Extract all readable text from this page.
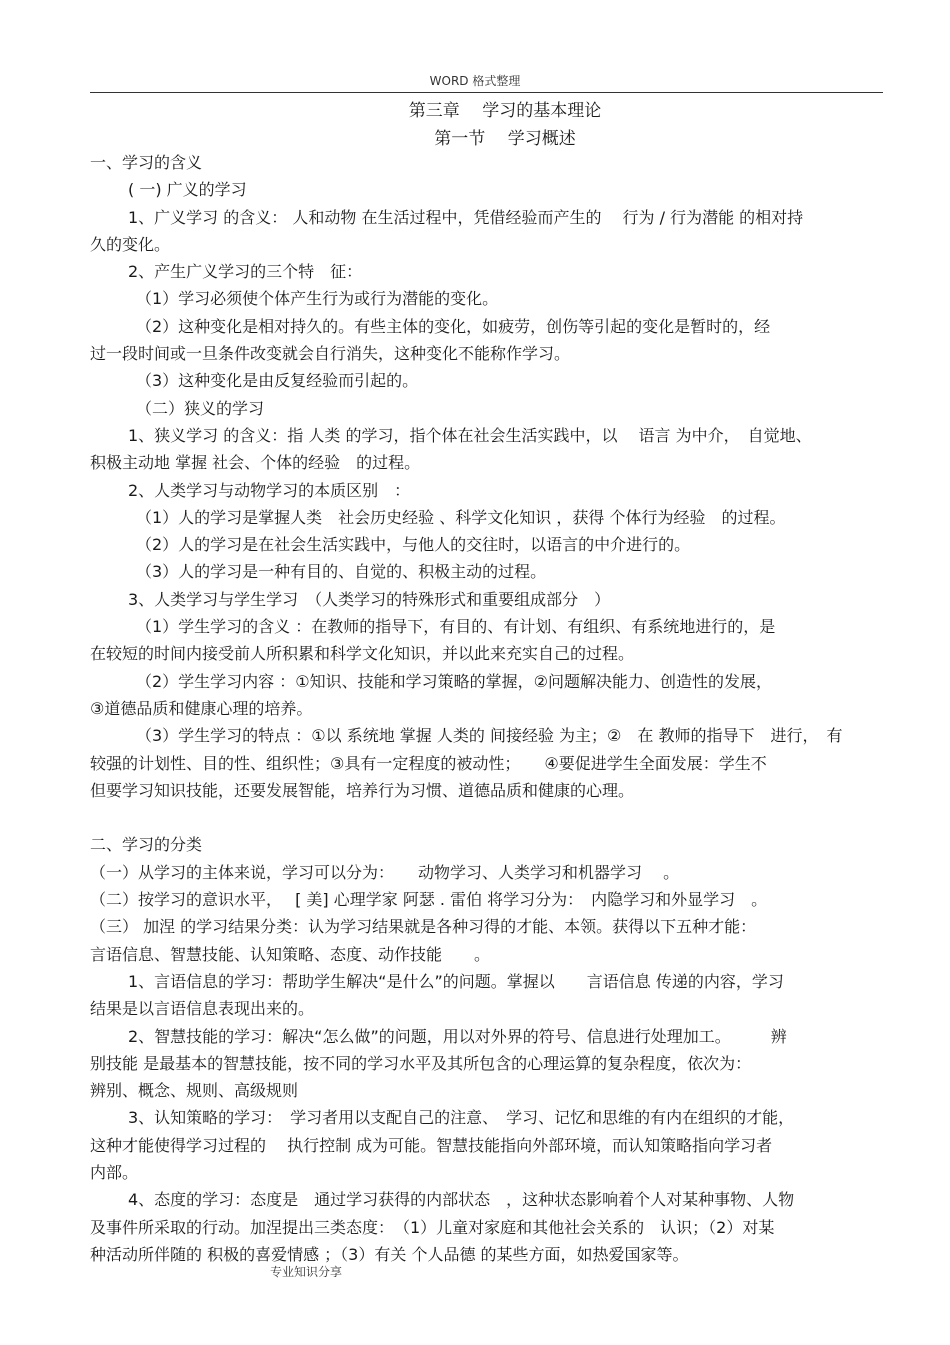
WORD 格式整理
第三章　 学习的基本理论
第一节　 学习概述

一、学习的含义

( 一) 广义的学习

1、广义学习 的含义： 人和动物 在生活过程中，凭借经验而产生的　 行为 / 行为潜能 的相对持

久的变化。

2、产生广义学习的三个特　征：

（1）学习必须使个体产生行为或行为潜能的变化。

（2）这种变化是相对持久的。有些主体的变化，如疲劳，创伤等引起的变化是暂时的，经

过一段时间或一旦条件改变就会自行消失，这种变化不能称作学习。

（3）这种变化是由反复经验而引起的。

（二）狭义的学习

1、狭义学习 的含义：指 人类 的学习，指个体在社会生活实践中，以　 语言 为中介，　自觉地、

积极主动地 掌握 社会、个体的经验　的过程。

2、人类学习与动物学习的本质区别　：

（1）人的学习是掌握人类　社会历史经验 、科学文化知识 ，获得 个体行为经验　的过程。

（2）人的学习是在社会生活实践中，与他人的交往时，以语言的中介进行的。

（3）人的学习是一种有目的、自觉的、积极主动的过程。

3、人类学习与学生学习　（人类学习的特殊形式和重要组成部分　）

（1）学生学习的含义 ：在教师的指导下，有目的、有计划、有组织、有系统地进行的，是

在较短的时间内接受前人所积累和科学文化知识，并以此来充实自己的过程。

（2）学生学习内容 ：①知识、技能和学习策略的掌握，②问题解决能力、创造性的发展，

③道德品质和健康心理的培养。

（3）学生学习的特点 ：①以 系统地 掌握 人类的 间接经验 为主；②　在 教师的指导下　进行，　有

较强的计划性、目的性、组织性；③具有一定程度的被动性；　　④要促进学生全面发展：学生不

但要学习知识技能，还要发展智能，培养行为习惯、道德品质和健康的心理。

二、学习的分类

（一）从学习的主体来说，学习可以分为：　　动物学习、人类学习和机器学习　 。

（二）按学习的意识水平，　 [ 美] 心理学家 阿瑟 . 雷伯 将学习分为：　内隐学习和外显学习　。

（三） 加涅 的学习结果分类：认为学习结果就是各种习得的才能、本领。获得以下五种才能：

言语信息、智慧技能、认知策略、态度、动作技能　　。

1、言语信息的学习：帮助学生解决“是什么”的问题。掌握以　　言语信息 传递的内容，学习

结果是以言语信息表现出来的。

2、智慧技能的学习：解决“怎么做”的问题，用以对外界的符号、信息进行处理加工。　　　辨

别技能 是最基本的智慧技能，按不同的学习水平及其所包含的心理运算的复杂程度，依次为：

辨别、概念、规则、高级规则

3、认知策略的学习：　学习者用以支配自己的注意、　学习、记忆和思维的有内在组织的才能，

这种才能使得学习过程的　 执行控制 成为可能。智慧技能指向外部环境，而认知策略指向学习者

内部。

4、态度的学习：态度是　通过学习获得的内部状态　，这种状态影响着个人对某种事物、人物

及事件所采取的行动。加涅提出三类态度：　（1）儿童对家庭和其他社会关系的　认识；（2）对某

种活动所伴随的 积极的喜爱情感 ；（3）有关 个人品德 的某些方面，如热爱国家等。

专业知识分享
